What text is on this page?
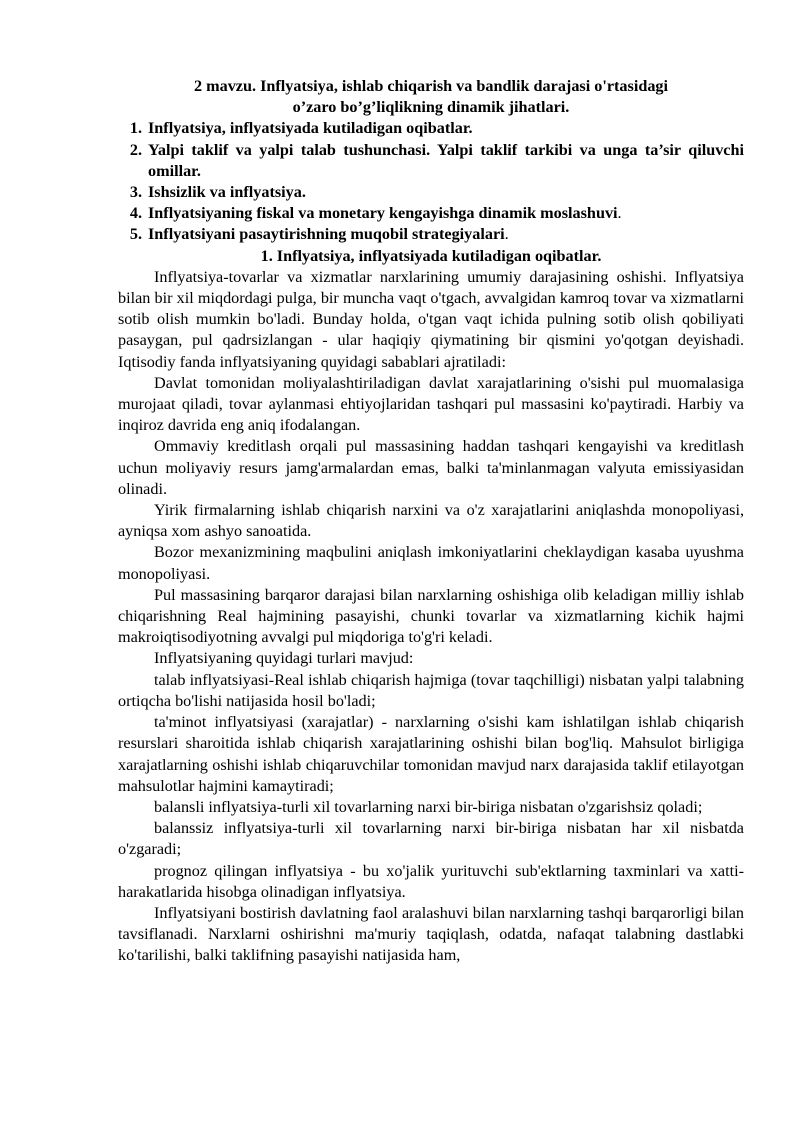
2 mavzu. Inflyatsiya, ishlab chiqarish va bandlik darajasi o'rtasidagi
o’zaro bo’g’liqlikning dinamik jihatlari.
1. Inflyatsiya, inflyatsiyada kutiladigan oqibatlar.
2. Yalpi taklif va yalpi talab tushunchasi. Yalpi taklif tarkibi va unga ta’sir qiluvchi omillar.
3. Ishsizlik va inflyatsiya.
4. Inflyatsiyaning fiskal va monetary kengayishga dinamik moslashuvi.
5. Inflyatsiyani pasaytirishning muqobil strategiyalari.
1. Inflyatsiya, inflyatsiyada kutiladigan oqibatlar.

Inflyatsiya-tovarlar va xizmatlar narxlarining umumiy darajasining oshishi. Inflyatsiya bilan bir xil miqdordagi pulga, bir muncha vaqt o'tgach, avvalgidan kamroq tovar va xizmatlarni sotib olish mumkin bo'ladi. Bunday holda, o'tgan vaqt ichida pulning sotib olish qobiliyati pasaygan, pul qadrsizlangan - ular haqiqiy qiymatining bir qismini yo'qotgan deyishadi. Iqtisodiy fanda inflyatsiyaning quyidagi sabablari ajratiladi:

Davlat tomonidan moliyalashtiriladigan davlat xarajatlarining o'sishi pul muomalasiga murojaat qiladi, tovar aylanmasi ehtiyojlaridan tashqari pul massasini ko'paytiradi. Harbiy va inqiroz davrida eng aniq ifodalangan.

Ommaviy kreditlash orqali pul massasining haddan tashqari kengayishi va kreditlash uchun moliyaviy resurs jamg'armalardan emas, balki ta'minlanmagan valyuta emissiyasidan olinadi.

Yirik firmalarning ishlab chiqarish narxini va o'z xarajatlarini aniqlashda monopoliyasi, ayniqsa xom ashyo sanoatida.

Bozor mexanizmining maqbulini aniqlash imkoniyatlarini cheklaydigan kasaba uyushma monopoliyasi.

Pul massasining barqaror darajasi bilan narxlarning oshishiga olib keladigan milliy ishlab chiqarishning Real hajmining pasayishi, chunki tovarlar va xizmatlarning kichik hajmi makroiqtisodiyotning avvalgi pul miqdoriga to'g'ri keladi.

Inflyatsiyaning quyidagi turlari mavjud:

talab inflyatsiyasi-Real ishlab chiqarish hajmiga (tovar taqchilligi) nisbatan yalpi talabning ortiqcha bo'lishi natijasida hosil bo'ladi;

ta'minot inflyatsiyasi (xarajatlar) - narxlarning o'sishi kam ishlatilgan ishlab chiqarish resurslari sharoitida ishlab chiqarish xarajatlarining oshishi bilan bog'liq. Mahsulot birligiga xarajatlarning oshishi ishlab chiqaruvchilar tomonidan mavjud narx darajasida taklif etilayotgan mahsulotlar hajmini kamaytiradi;

balansli inflyatsiya-turli xil tovarlarning narxi bir-biriga nisbatan o'zgarishsiz qoladi;

balanssiz inflyatsiya-turli xil tovarlarning narxi bir-biriga nisbatan har xil nisbatda o'zgaradi;

prognoz qilingan inflyatsiya - bu xo'jalik yurituvchi sub'ektlarning taxminlari va xatti-harakatlarida hisobga olinadigan inflyatsiya.

Inflyatsiyani bostirish davlatning faol aralashuvi bilan narxlarning tashqi barqarorligi bilan tavsiflanadi. Narxlarni oshirishni ma'muriy taqiqlash, odatda, nafaqat talabning dastlabki ko'tarilishi, balki taklifning pasayishi natijasida ham,
